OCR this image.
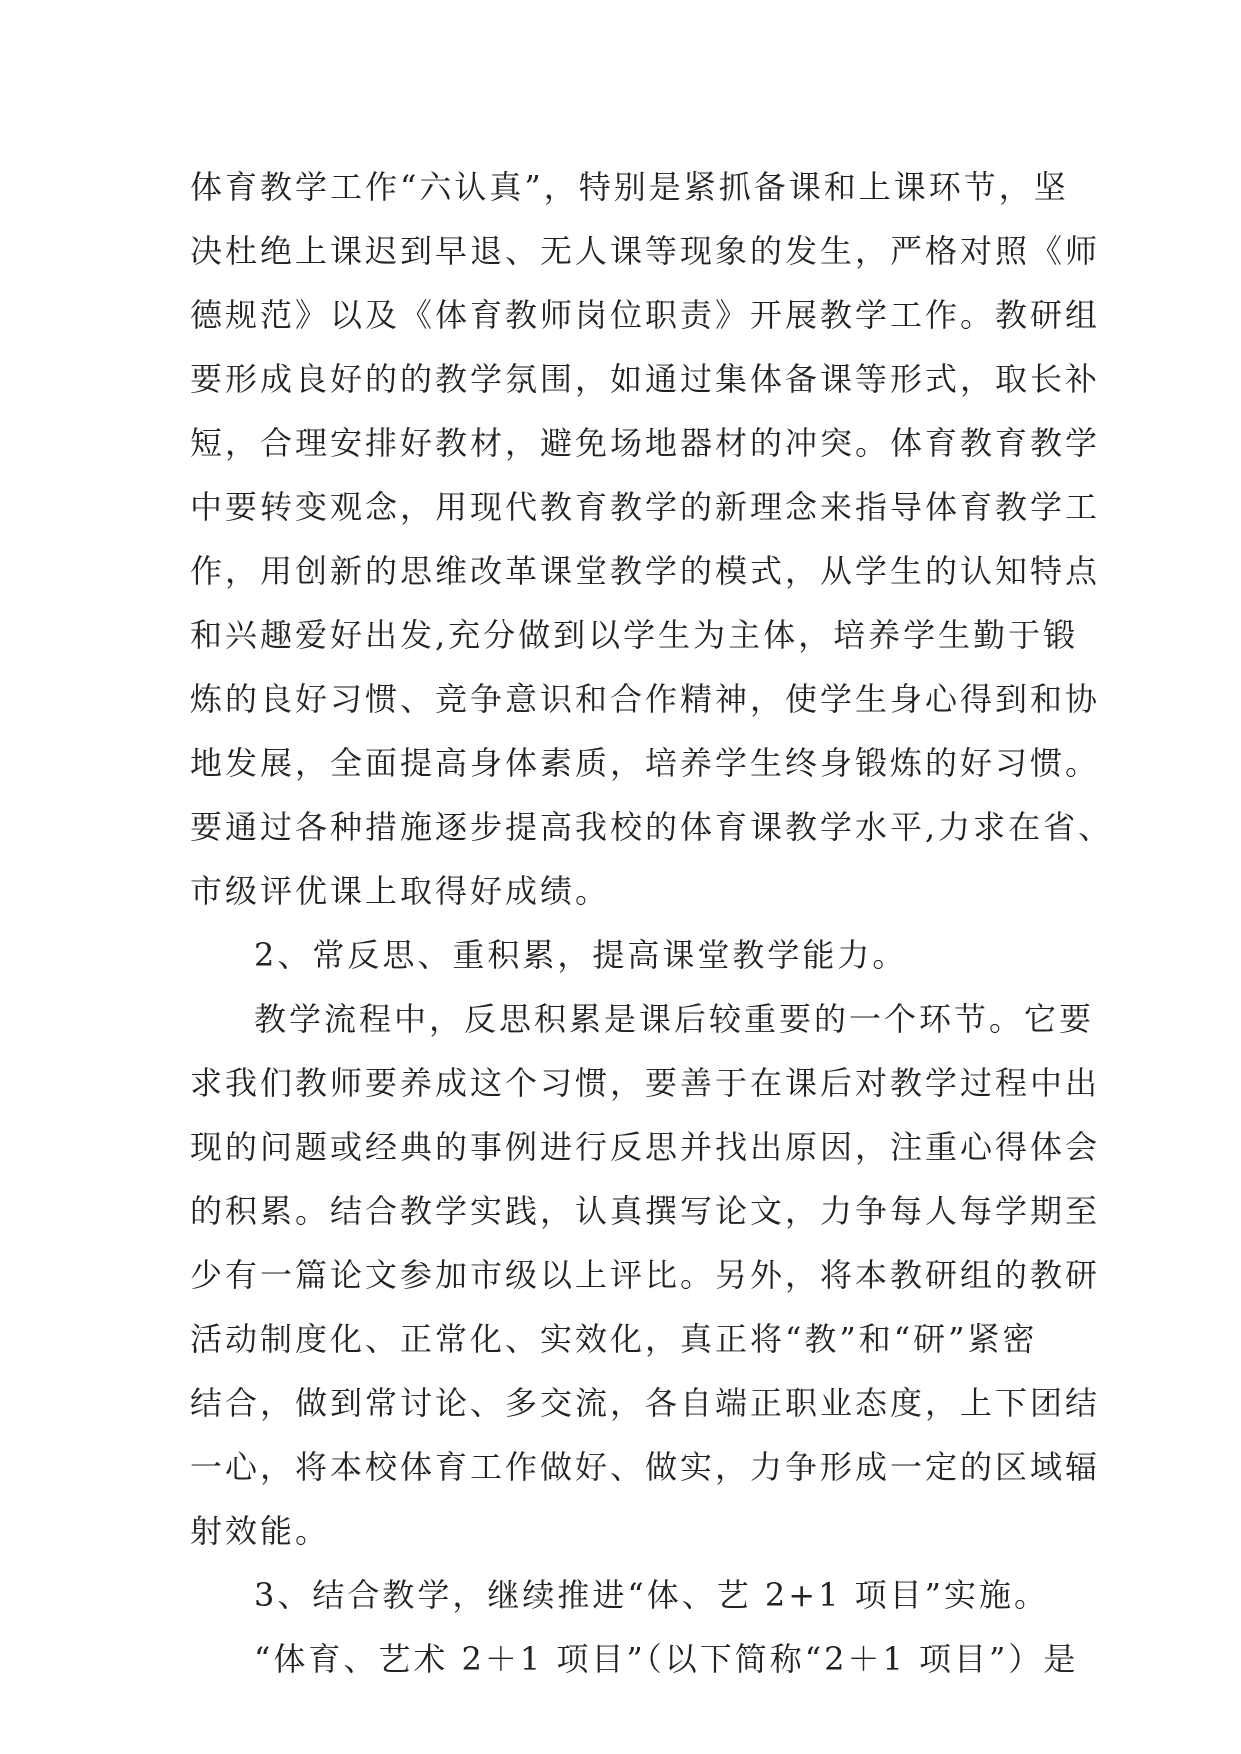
体育教学工作“六认真”，特别是紧抓备课和上课环节，坚
决杜绝上课迟到早退、无人课等现象的发生，严格对照《师
德规范》以及《体育教师岗位职责》开展教学工作。教研组
要形成良好的的教学氛围，如通过集体备课等形式，取长补
短，合理安排好教材，避免场地器材的冲突。体育教育教学
中要转变观念，用现代教育教学的新理念来指导体育教学工
作，用创新的思维改革课堂教学的模式，从学生的认知特点
和兴趣爱好出发,充分做到以学生为主体，培养学生勤于锻
炼的良好习惯、竞争意识和合作精神，使学生身心得到和协
地发展，全面提高身体素质，培养学生终身锻炼的好习惯。
要通过各种措施逐步提高我校的体育课教学水平,力求在省、
市级评优课上取得好成绩。
2、常反思、重积累，提高课堂教学能力。
教学流程中，反思积累是课后较重要的一个环节。它要
求我们教师要养成这个习惯，要善于在课后对教学过程中出
现的问题或经典的事例进行反思并找出原因，注重心得体会
的积累。结合教学实践，认真撰写论文，力争每人每学期至
少有一篇论文参加市级以上评比。另外，将本教研组的教研
活动制度化、正常化、实效化，真正将“教”和“研”紧密
结合，做到常讨论、多交流，各自端正职业态度，上下团结
一心，将本校体育工作做好、做实，力争形成一定的区域辐
射效能。
3、结合教学，继续推进“体、艺 2+1 项目”实施。
“体育、艺术 2＋1 项目”（以下简称“2＋1 项目”）是
